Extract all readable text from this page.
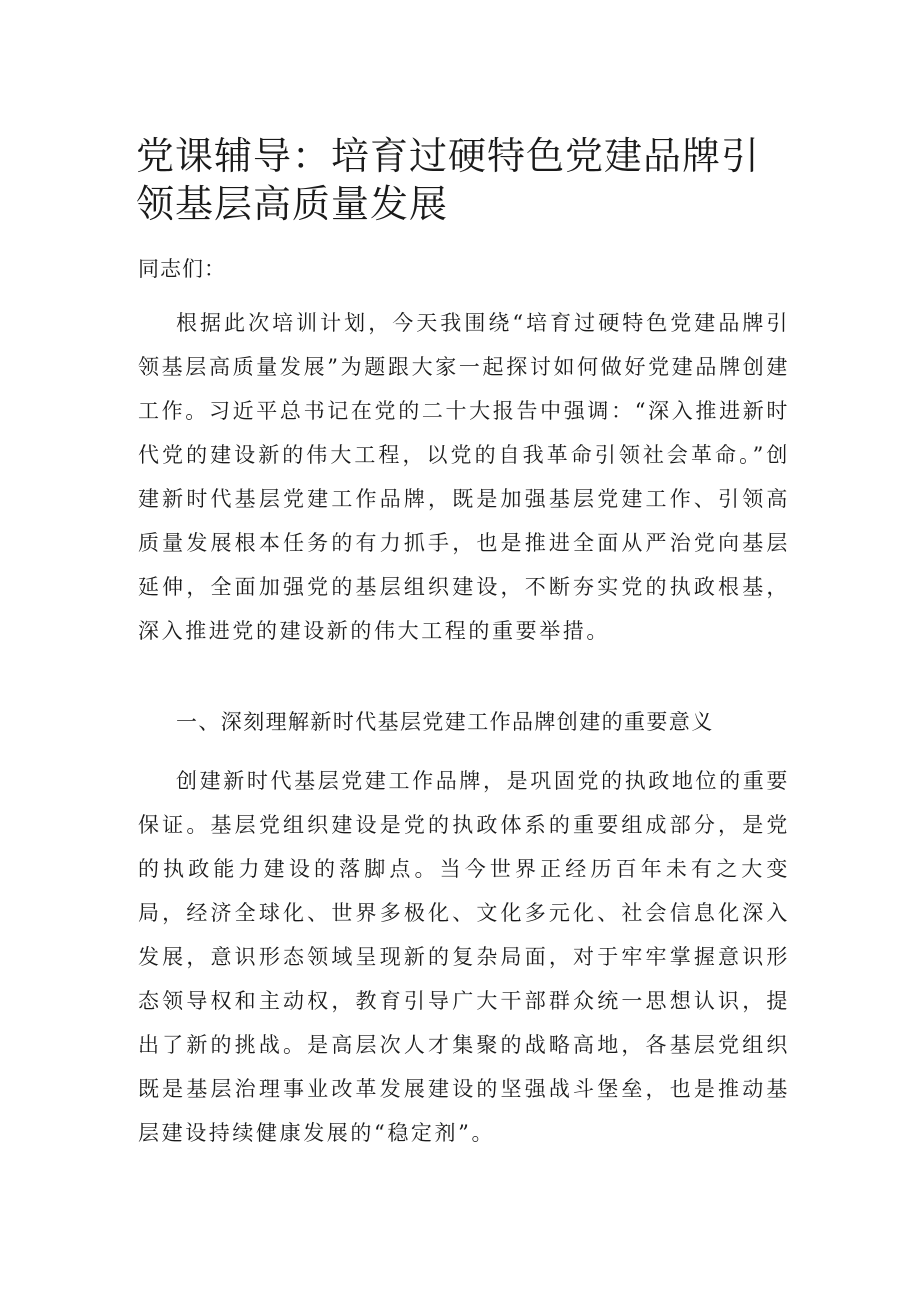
党课辅导：培育过硬特色党建品牌引领基层高质量发展

同志们：

根据此次培训计划，今天我围绕“培育过硬特色党建品牌引领基层高质量发展”为题跟大家一起探讨如何做好党建品牌创建工作。习近平总书记在党的二十大报告中强调：“深入推进新时代党的建设新的伟大工程，以党的自我革命引领社会革命。”创建新时代基层党建工作品牌，既是加强基层党建工作、引领高质量发展根本任务的有力抓手，也是推进全面从严治党向基层延伸，全面加强党的基层组织建设，不断夯实党的执政根基，深入推进党的建设新的伟大工程的重要举措。

一、深刻理解新时代基层党建工作品牌创建的重要意义

创建新时代基层党建工作品牌，是巩固党的执政地位的重要保证。基层党组织建设是党的执政体系的重要组成部分，是党的执政能力建设的落脚点。当今世界正经历百年未有之大变局，经济全球化、世界多极化、文化多元化、社会信息化深入发展，意识形态领域呈现新的复杂局面，对于牢牢掌握意识形态领导权和主动权，教育引导广大干部群众统一思想认识，提出了新的挑战。是高层次人才集聚的战略高地，各基层党组织既是基层治理事业改革发展建设的坚强战斗堡垒，也是推动基层建设持续健康发展的“稳定剂”。
